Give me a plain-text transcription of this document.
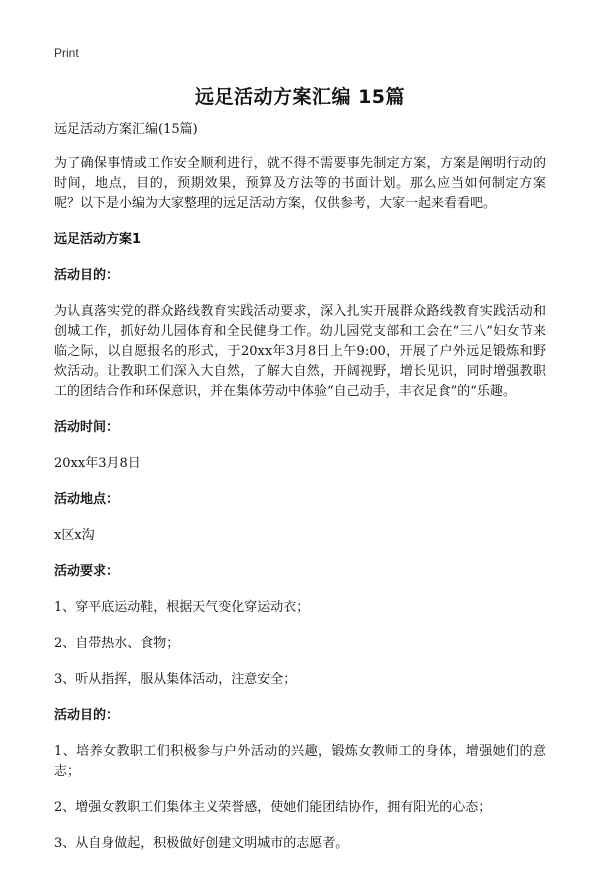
Print
远足活动方案汇编 15篇

远足活动方案汇编(15篇)

为了确保事情或工作安全顺利进行，就不得不需要事先制定方案，方案是阐明行动的时间，地点，目的，预期效果，预算及方法等的书面计划。那么应当如何制定方案呢？以下是小编为大家整理的远足活动方案，仅供参考，大家一起来看看吧。

远足活动方案1

活动目的：

为认真落实党的群众路线教育实践活动要求，深入扎实开展群众路线教育实践活动和创城工作，抓好幼儿园体育和全民健身工作。幼儿园党支部和工会在“三八”妇女节来临之际，以自愿报名的形式，于20xx年3月8日上午9:00，开展了户外远足锻炼和野炊活动。让教职工们深入大自然，了解大自然，开阔视野，增长见识，同时增强教职工的团结合作和环保意识，并在集体劳动中体验“自己动手，丰衣足食”的“乐趣。

活动时间：

20xx年3月8日

活动地点：

x区x沟

活动要求：

1、穿平底运动鞋，根据天气变化穿运动衣；

2、自带热水、食物；

3、听从指挥，服从集体活动，注意安全；

活动目的：

1、培养女教职工们积极参与户外活动的兴趣，锻炼女教师工的身体，增强她们的意志；

2、增强女教职工们集体主义荣誉感，使她们能团结协作，拥有阳光的心态；

3、从自身做起，积极做好创建文明城市的志愿者。
